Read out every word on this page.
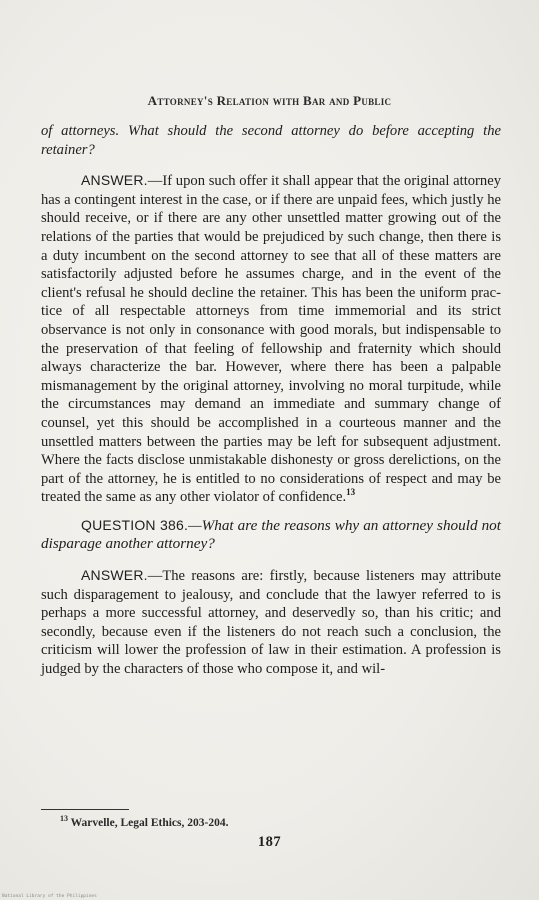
Attorney's Relation with Bar and Public

of attorneys. What should the second attorney do before accepting the retainer?

ANSWER.—If upon such offer it shall appear that the original attorney has a contingent interest in the case, or if there are unpaid fees, which justly he should receive, or if there are any other unsettled matter growing out of the relations of the parties that would be prejudiced by such change, then there is a duty incumbent on the second attorney to see that all of these matters are satisfactorily adjusted before he assumes charge, and in the event of the client's refusal he should decline the retainer. This has been the uniform practice of all respectable attorneys from time immemorial and its strict observance is not only in consonance with good morals, but indispensable to the preservation of that feeling of fellowship and fraternity which should always characterize the bar. However, where there has been a palpable mismanagement by the original attorney, involving no moral turpitude, while the circumstances may demand an immediate and summary change of counsel, yet this should be accomplished in a courteous manner and the unsettled matters between the parties may be left for subsequent adjustment. Where the facts disclose unmistakable dishonesty or gross derelictions, on the part of the attorney, he is entitled to no considerations of respect and may be treated the same as any other violator of confidence.$^{13}$

QUESTION 386.—What are the reasons why an attorney should not disparage another attorney?

ANSWER.—The reasons are: firstly, because listeners may attribute such disparagement to jealousy, and conclude that the lawyer referred to is perhaps a more successful attorney, and deservedly so, than his critic; and secondly, because even if the listeners do not reach such a conclusion, the criticism will lower the profession of law in their estimation. A profession is judged by the characters of those who compose it, and wil-

$^{13}$ Warvelle, Legal Ethics, 203-204.
187
National Library of the Philippines
